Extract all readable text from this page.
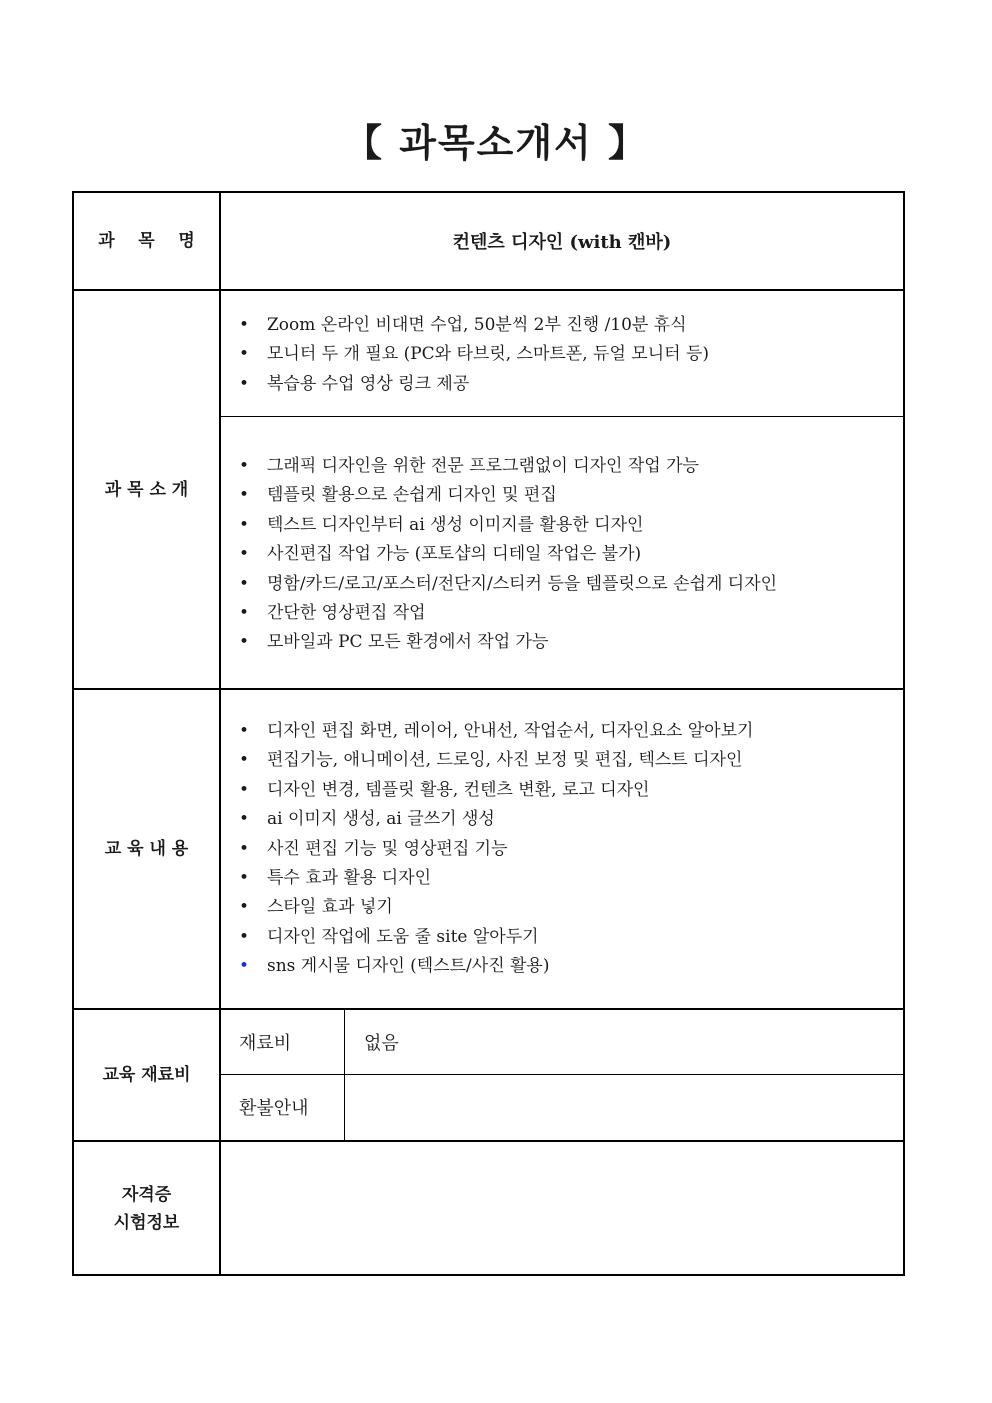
【 과목소개서 】
과    목    명	컨텐츠 디자인 (with 캔바)
과 목 소 개
• Zoom 온라인 비대면 수업, 50분씩 2부 진행 /10분 휴식
• 모니터 두 개 필요 (PC와 타브릿, 스마트폰, 듀얼 모니터 등)
• 복습용 수업 영상 링크 제공
• 그래픽 디자인을 위한 전문 프로그램없이 디자인 작업 가능
• 템플릿 활용으로 손쉽게 디자인 및 편집
• 텍스트 디자인부터 ai 생성 이미지를 활용한 디자인
• 사진편집 작업 가능 (포토샵의 디테일 작업은 불가)
• 명함/카드/로고/포스터/전단지/스티커 등을 템플릿으로 손쉽게 디자인
• 간단한 영상편집 작업
• 모바일과 PC 모든 환경에서 작업 가능
교 육 내 용
• 디자인 편집 화면, 레이어, 안내선, 작업순서, 디자인요소 알아보기
• 편집기능, 애니메이션, 드로잉, 사진 보정 및 편집, 텍스트 디자인
• 디자인 변경, 템플릿 활용, 컨텐츠 변환, 로고 디자인
• ai 이미지 생성, ai 글쓰기 생성
• 사진 편집 기능 및 영상편집 기능
• 특수 효과 활용 디자인
• 스타일 효과 넣기
• 디자인 작업에 도움 줄 site 알아두기
• sns 게시물 디자인 (텍스트/사진 활용)
교육 재료비
재료비	없음
환불안내
자격증
시험정보
